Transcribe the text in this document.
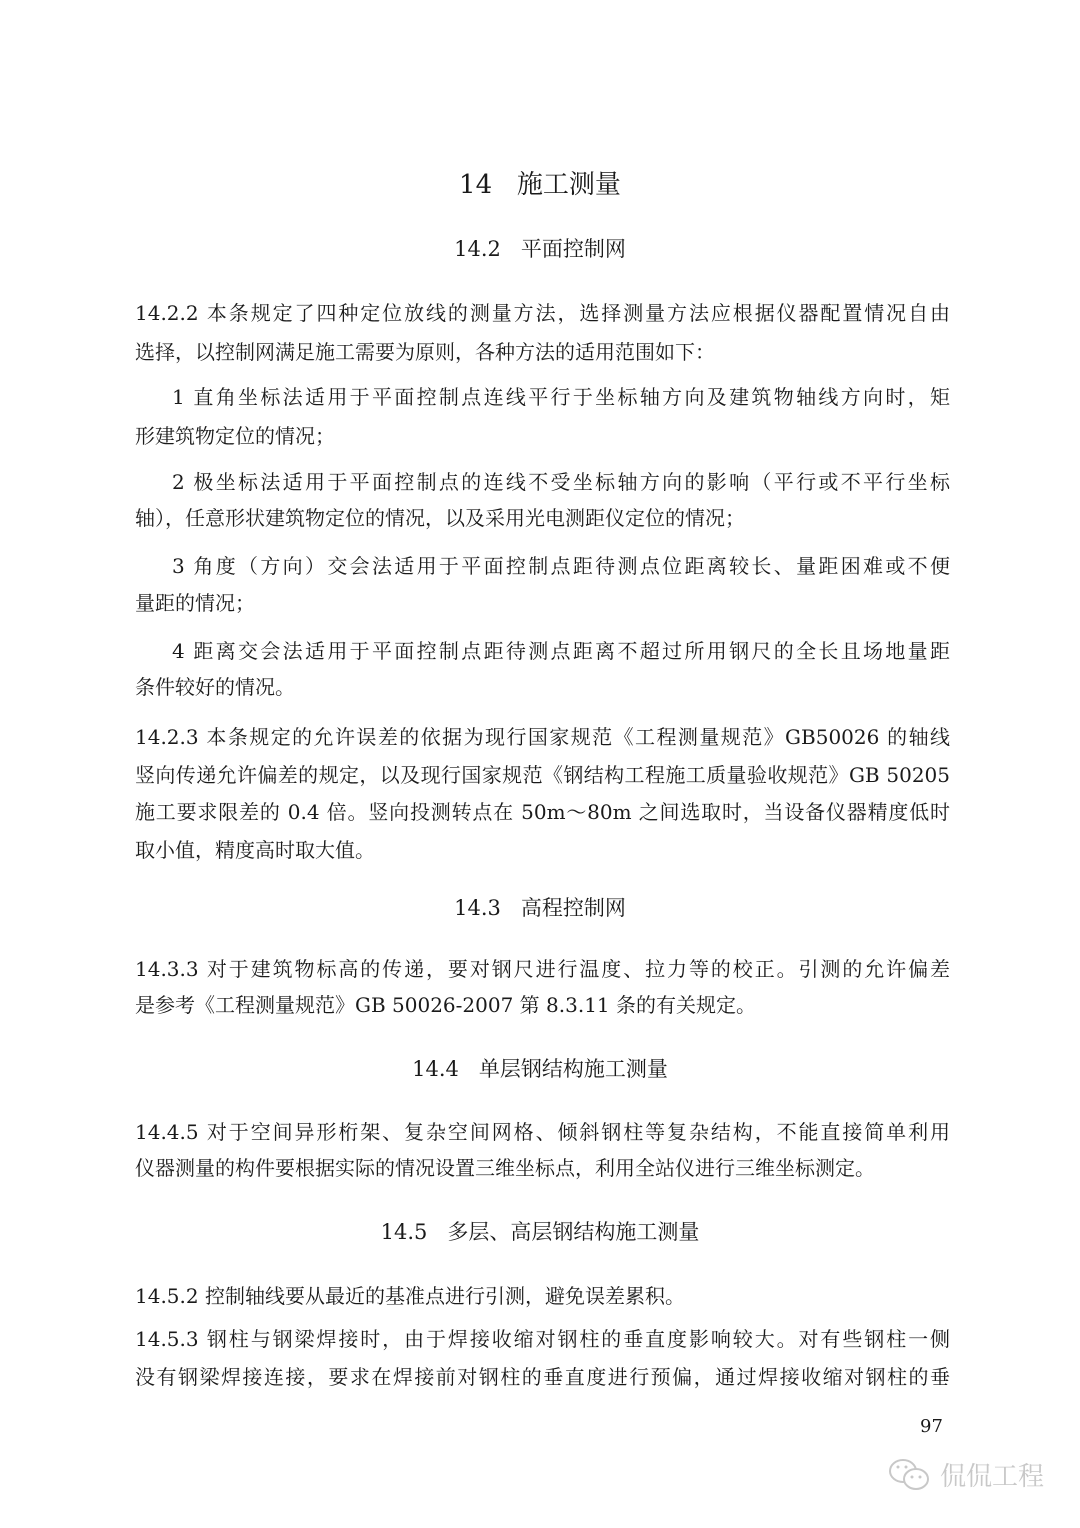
14   施工测量
14.2   平面控制网
14.2.2 本条规定了四种定位放线的测量方法，选择测量方法应根据仪器配置情况自由
选择，以控制网满足施工需要为原则，各种方法的适用范围如下：
1 直角坐标法适用于平面控制点连线平行于坐标轴方向及建筑物轴线方向时，矩
形建筑物定位的情况；
2 极坐标法适用于平面控制点的连线不受坐标轴方向的影响（平行或不平行坐标
轴），任意形状建筑物定位的情况，以及采用光电测距仪定位的情况；
3 角度（方向）交会法适用于平面控制点距待测点位距离较长、量距困难或不便
量距的情况；
4 距离交会法适用于平面控制点距待测点距离不超过所用钢尺的全长且场地量距
条件较好的情况。
14.2.3 本条规定的允许误差的依据为现行国家规范《工程测量规范》GB50026 的轴线
竖向传递允许偏差的规定，以及现行国家规范《钢结构工程施工质量验收规范》GB 50205
施工要求限差的 0.4 倍。竖向投测转点在 50m～80m 之间选取时，当设备仪器精度低时
取小值，精度高时取大值。
14.3   高程控制网
14.3.3 对于建筑物标高的传递，要对钢尺进行温度、拉力等的校正。引测的允许偏差
是参考《工程测量规范》GB 50026-2007 第 8.3.11 条的有关规定。
14.4   单层钢结构施工测量
14.4.5 对于空间异形桁架、复杂空间网格、倾斜钢柱等复杂结构，不能直接简单利用
仪器测量的构件要根据实际的情况设置三维坐标点，利用全站仪进行三维坐标测定。
14.5   多层、高层钢结构施工测量
14.5.2 控制轴线要从最近的基准点进行引测，避免误差累积。
14.5.3 钢柱与钢梁焊接时，由于焊接收缩对钢柱的垂直度影响较大。对有些钢柱一侧
没有钢梁焊接连接，要求在焊接前对钢柱的垂直度进行预偏，通过焊接收缩对钢柱的垂
97
侃侃工程
